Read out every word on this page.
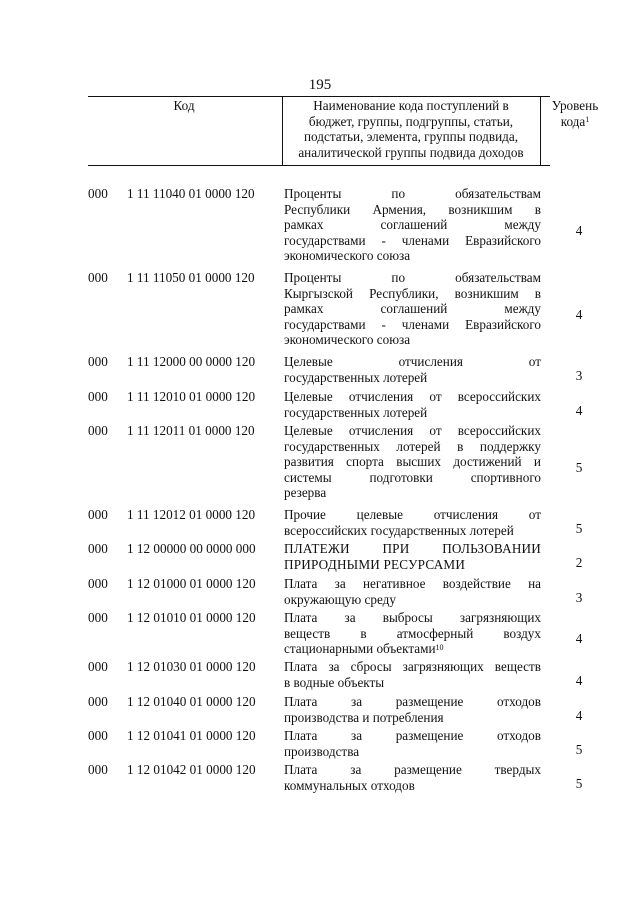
195
Код	Наименование кода поступлений в
бюджет, группы, подгруппы, статьи,
подстатьи, элемента, группы подвида,
аналитической группы подвида доходов
Уровень
кода$^1$
000	1 11 11040 01 0000 120	Проценты по обязательствам
Республики Армения, возникшим в
рамках соглашений между
государствами - членами Евразийского
экономического союза
4
000	1 11 11050 01 0000 120	Проценты по обязательствам
Кыргызской Республики, возникшим в
рамках соглашений между
государствами - членами Евразийского
экономического союза
4
000	1 11 12000 00 0000 120	Целевые отчисления от
государственных лотерей	3
000	1 11 12010 01 0000 120	Целевые отчисления от всероссийских
государственных лотерей	4
000	1 11 12011 01 0000 120	Целевые отчисления от всероссийских
государственных лотерей в поддержку
развития спорта высших достижений и
системы подготовки спортивного
резерва
5
000	1 11 12012 01 0000 120	Прочие целевые отчисления от
всероссийских государственных лотерей	5
000	1 12 00000 00 0000 000	ПЛАТЕЖИ ПРИ ПОЛЬЗОВАНИИ
ПРИРОДНЫМИ РЕСУРСАМИ	2
000	1 12 01000 01 0000 120	Плата за негативное воздействие на
окружающую среду	3
000	1 12 01010 01 0000 120	Плата за выбросы загрязняющих
веществ в атмосферный воздух
стационарными объектами$^{10}$
4
000	1 12 01030 01 0000 120	Плата за сбросы загрязняющих веществ
в водные объекты	4
000	1 12 01040 01 0000 120	Плата за размещение отходов
производства и потребления	4
000	1 12 01041 01 0000 120	Плата за размещение отходов
производства	5
000	1 12 01042 01 0000 120	Плата за размещение твердых
коммунальных отходов	5
